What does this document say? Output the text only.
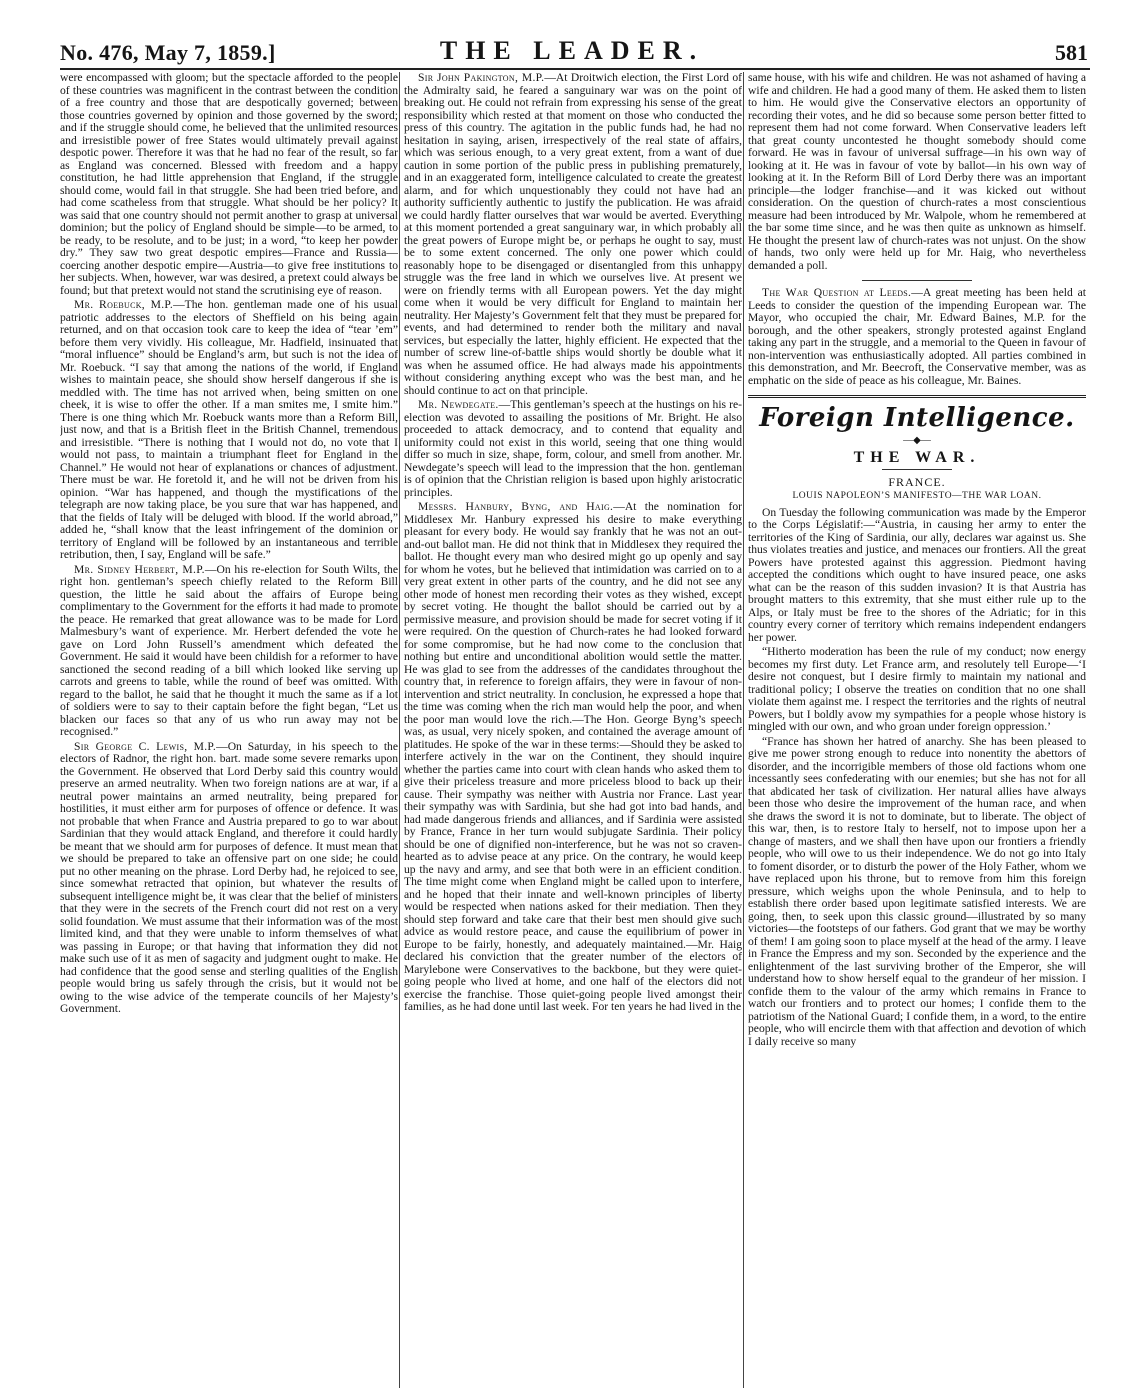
No. 476, May 7, 1859.]	THE LEADER.	581

were encompassed with gloom; but the spectacle afforded to the people of these countries was magnificent in the contrast between the condition of a free country and those that are despotically governed; between those countries governed by opinion and those governed by the sword; and if the struggle should come, he believed that the unlimited resources and irresistible power of free States would ultimately prevail against despotic power. Therefore it was that he had no fear of the result, so far as England was concerned. Blessed with freedom and a happy constitution, he had little apprehension that England, if the struggle should come, would fail in that struggle. She had been tried before, and had come scatheless from that struggle. What should be her policy? It was said that one country should not permit another to grasp at universal dominion; but the policy of England should be simple—to be armed, to be ready, to be resolute, and to be just; in a word, “to keep her powder dry.” They saw two great despotic empires—France and Russia—coercing another despotic empire—Austria—to give free institutions to her subjects. When, however, war was desired, a pretext could always be found; but that pretext would not stand the scrutinising eye of reason.

Mr. Roebuck, M.P.—The hon. gentleman made one of his usual patriotic addresses to the electors of Sheffield on his being again returned, and on that occasion took care to keep the idea of “tear ’em” before them very vividly. His colleague, Mr. Hadfield, insinuated that “moral influence” should be England’s arm, but such is not the idea of Mr. Roebuck. “I say that among the nations of the world, if England wishes to maintain peace, she should show herself dangerous if she is meddled with. The time has not arrived when, being smitten on one cheek, it is wise to offer the other. If a man smites me, I smite him.” There is one thing which Mr. Roebuck wants more than a Reform Bill, just now, and that is a British fleet in the British Channel, tremendous and irresistible. “There is nothing that I would not do, no vote that I would not pass, to maintain a triumphant fleet for England in the Channel.” He would not hear of explanations or chances of adjustment. There must be war. He foretold it, and he will not be driven from his opinion. “War has happened, and though the mystifications of the telegraph are now taking place, be you sure that war has happened, and that the fields of Italy will be deluged with blood. If the world abroad,” added he, “shall know that the least infringement of the dominion or territory of England will be followed by an instantaneous and terrible retribution, then, I say, England will be safe.”

Mr. Sidney Herbert, M.P.—On his re-election for South Wilts, the right hon. gentleman’s speech chiefly related to the Reform Bill question, the little he said about the affairs of Europe being complimentary to the Government for the efforts it had made to promote the peace. He remarked that great allowance was to be made for Lord Malmesbury’s want of experience. Mr. Herbert defended the vote he gave on Lord John Russell’s amendment which defeated the Government. He said it would have been childish for a reformer to have sanctioned the second reading of a bill which looked like serving up carrots and greens to table, while the round of beef was omitted. With regard to the ballot, he said that he thought it much the same as if a lot of soldiers were to say to their captain before the fight began, “Let us blacken our faces so that any of us who run away may not be recognised.”

Sir George C. Lewis, M.P.—On Saturday, in his speech to the electors of Radnor, the right hon. bart. made some severe remarks upon the Government. He observed that Lord Derby said this country would preserve an armed neutrality. When two foreign nations are at war, if a neutral power maintains an armed neutrality, being prepared for hostilities, it must either arm for purposes of offence or defence. It was not probable that when France and Austria prepared to go to war about Sardinian that they would attack England, and therefore it could hardly be meant that we should arm for purposes of defence. It must mean that we should be prepared to take an offensive part on one side; he could put no other meaning on the phrase. Lord Derby had, he rejoiced to see, since somewhat retracted that opinion, but whatever the results of subsequent intelligence might be, it was clear that the belief of ministers that they were in the secrets of the French court did not rest on a very solid foundation. We must assume that their information was of the most limited kind, and that they were unable to inform themselves of what was passing in Europe; or that having that information they did not make such use of it as men of sagacity and judgment ought to make. He had confidence that the good sense and sterling qualities of the English people would bring us safely through the crisis, but it would not be owing to the wise advice of the temperate councils of her Majesty’s Government.

Sir John Pakington, M.P.—At Droitwich election, the First Lord of the Admiralty said, he feared a sanguinary war was on the point of breaking out. He could not refrain from expressing his sense of the great responsibility which rested at that moment on those who conducted the press of this country. The agitation in the public funds had, he had no hesitation in saying, arisen, irrespectively of the real state of affairs, which was serious enough, to a very great extent, from a want of due caution in some portion of the public press in publishing prematurely, and in an exaggerated form, intelligence calculated to create the greatest alarm, and for which unquestionably they could not have had an authority sufficiently authentic to justify the publication. He was afraid we could hardly flatter ourselves that war would be averted. Everything at this moment portended a great sanguinary war, in which probably all the great powers of Europe might be, or perhaps he ought to say, must be to some extent concerned. The only one power which could reasonably hope to be disengaged or disentangled from this unhappy struggle was the free land in which we ourselves live. At present we were on friendly terms with all European powers. Yet the day might come when it would be very difficult for England to maintain her neutrality. Her Majesty’s Government felt that they must be prepared for events, and had determined to render both the military and naval services, but especially the latter, highly efficient. He expected that the number of screw line-of-battle ships would shortly be double what it was when he assumed office. He had always made his appointments without considering anything except who was the best man, and he should continue to act on that principle.

Mr. Newdegate.—This gentleman’s speech at the hustings on his re-election was devoted to assailing the positions of Mr. Bright. He also proceeded to attack democracy, and to contend that equality and uniformity could not exist in this world, seeing that one thing would differ so much in size, shape, form, colour, and smell from another. Mr. Newdegate’s speech will lead to the impression that the hon. gentleman is of opinion that the Christian religion is based upon highly aristocratic principles.

Messrs. Hanbury, Byng, and Haig.—At the nomination for Middlesex Mr. Hanbury expressed his desire to make everything pleasant for every body. He would say frankly that he was not an out-and-out ballot man. He did not think that in Middlesex they required the ballot. He thought every man who desired might go up openly and say for whom he votes, but he believed that intimidation was carried on to a very great extent in other parts of the country, and he did not see any other mode of honest men recording their votes as they wished, except by secret voting. He thought the ballot should be carried out by a permissive measure, and provision should be made for secret voting if it were required. On the question of Church-rates he had looked forward for some compromise, but he had now come to the conclusion that nothing but entire and unconditional abolition would settle the matter. He was glad to see from the addresses of the candidates throughout the country that, in reference to foreign affairs, they were in favour of non-intervention and strict neutrality. In conclusion, he expressed a hope that the time was coming when the rich man would help the poor, and when the poor man would love the rich.—The Hon. George Byng’s speech was, as usual, very nicely spoken, and contained the average amount of platitudes. He spoke of the war in these terms:—Should they be asked to interfere actively in the war on the Continent, they should inquire whether the parties came into court with clean hands who asked them to give their priceless treasure and more priceless blood to back up their cause. Their sympathy was neither with Austria nor France. Last year their sympathy was with Sardinia, but she had got into bad hands, and had made dangerous friends and alliances, and if Sardinia were assisted by France, France in her turn would subjugate Sardinia. Their policy should be one of dignified non-interference, but he was not so craven-hearted as to advise peace at any price. On the contrary, he would keep up the navy and army, and see that both were in an efficient condition. The time might come when England might be called upon to interfere, and he hoped that their innate and well-known principles of liberty would be respected when nations asked for their mediation. Then they should step forward and take care that their best men should give such advice as would restore peace, and cause the equilibrium of power in Europe to be fairly, honestly, and adequately maintained.—Mr. Haig declared his conviction that the greater number of the electors of Marylebone were Conservatives to the backbone, but they were quiet-going people who lived at home, and one half of the electors did not exercise the franchise. Those quiet-going people lived amongst their families, as he had done until last week. For ten years he had lived in the

same house, with his wife and children. He was not ashamed of having a wife and children. He had a good many of them. He asked them to listen to him. He would give the Conservative electors an opportunity of recording their votes, and he did so because some person better fitted to represent them had not come forward. When Conservative leaders left that great county uncontested he thought somebody should come forward. He was in favour of universal suffrage—in his own way of looking at it. He was in favour of vote by ballot—in his own way of looking at it. In the Reform Bill of Lord Derby there was an important principle—the lodger franchise—and it was kicked out without consideration. On the question of church-rates a most conscientious measure had been introduced by Mr. Walpole, whom he remembered at the bar some time since, and he was then quite as unknown as himself. He thought the present law of church-rates was not unjust. On the show of hands, two only were held up for Mr. Haig, who nevertheless demanded a poll.

The War Question at Leeds.—A great meeting has been held at Leeds to consider the question of the impending European war. The Mayor, who occupied the chair, Mr. Edward Baines, M.P. for the borough, and the other speakers, strongly protested against England taking any part in the struggle, and a memorial to the Queen in favour of non-intervention was enthusiastically adopted. All parties combined in this demonstration, and Mr. Beecroft, the Conservative member, was as emphatic on the side of peace as his colleague, Mr. Baines.

Foreign Intelligence.
—◆—
THE WAR.
FRANCE.
LOUIS NAPOLEON’S MANIFESTO—THE WAR LOAN.

On Tuesday the following communication was made by the Emperor to the Corps Législatif:—“Austria, in causing her army to enter the territories of the King of Sardinia, our ally, declares war against us. She thus violates treaties and justice, and menaces our frontiers. All the great Powers have protested against this aggression. Piedmont having accepted the conditions which ought to have insured peace, one asks what can be the reason of this sudden invasion? It is that Austria has brought matters to this extremity, that she must either rule up to the Alps, or Italy must be free to the shores of the Adriatic; for in this country every corner of territory which remains independent endangers her power.

“Hitherto moderation has been the rule of my conduct; now energy becomes my first duty. Let France arm, and resolutely tell Europe—‘I desire not conquest, but I desire firmly to maintain my national and traditional policy; I observe the treaties on condition that no one shall violate them against me. I respect the territories and the rights of neutral Powers, but I boldly avow my sympathies for a people whose history is mingled with our own, and who groan under foreign oppression.’

“France has shown her hatred of anarchy. She has been pleased to give me power strong enough to reduce into nonentity the abettors of disorder, and the incorrigible members of those old factions whom one incessantly sees confederating with our enemies; but she has not for all that abdicated her task of civilization. Her natural allies have always been those who desire the improvement of the human race, and when she draws the sword it is not to dominate, but to liberate. The object of this war, then, is to restore Italy to herself, not to impose upon her a change of masters, and we shall then have upon our frontiers a friendly people, who will owe to us their independence. We do not go into Italy to foment disorder, or to disturb the power of the Holy Father, whom we have replaced upon his throne, but to remove from him this foreign pressure, which weighs upon the whole Peninsula, and to help to establish there order based upon legitimate satisfied interests. We are going, then, to seek upon this classic ground—illustrated by so many victories—the footsteps of our fathers. God grant that we may be worthy of them! I am going soon to place myself at the head of the army. I leave in France the Empress and my son. Seconded by the experience and the enlightenment of the last surviving brother of the Emperor, she will understand how to show herself equal to the grandeur of her mission. I confide them to the valour of the army which remains in France to watch our frontiers and to protect our homes; I confide them to the patriotism of the National Guard; I confide them, in a word, to the entire people, who will encircle them with that affection and devotion of which I daily receive so many
